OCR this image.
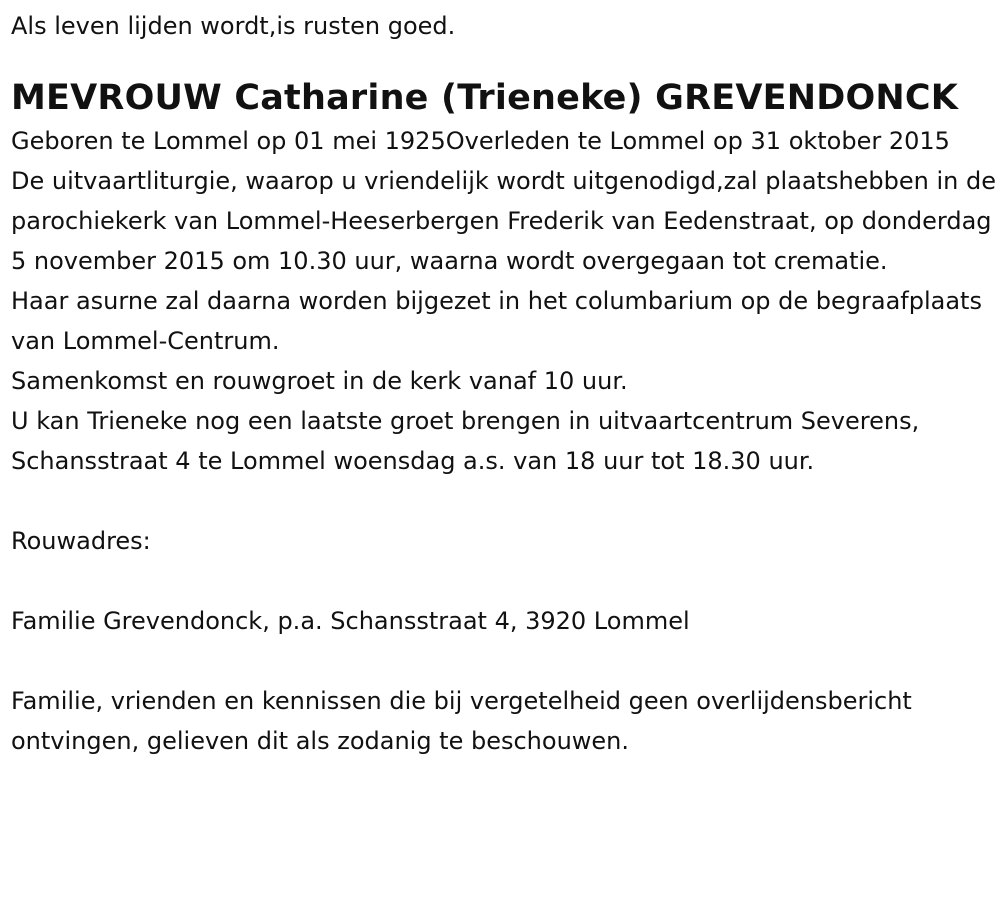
Als leven lijden wordt,is rusten goed.

MEVROUW Catharine (Trieneke) GREVENDONCK

Geboren te Lommel op 01 mei 1925Overleden te Lommel op 31 oktober 2015

De uitvaartliturgie, waarop u vriendelijk wordt uitgenodigd,zal plaatshebben in de parochiekerk van Lommel-Heeserbergen Frederik van Eedenstraat, op donderdag 5 november 2015 om 10.30 uur, waarna wordt overgegaan tot crematie.

Haar asurne zal daarna worden bijgezet in het columbarium op de begraafplaats van Lommel-Centrum.

Samenkomst en rouwgroet in de kerk vanaf 10 uur.

U kan Trieneke nog een laatste groet brengen in uitvaartcentrum Severens, Schansstraat 4 te Lommel woensdag a.s. van 18 uur tot 18.30 uur.

Rouwadres:

Familie Grevendonck, p.a. Schansstraat 4, 3920 Lommel

Familie, vrienden en kennissen die bij vergetelheid geen overlijdensbericht ontvingen, gelieven dit als zodanig te beschouwen.
